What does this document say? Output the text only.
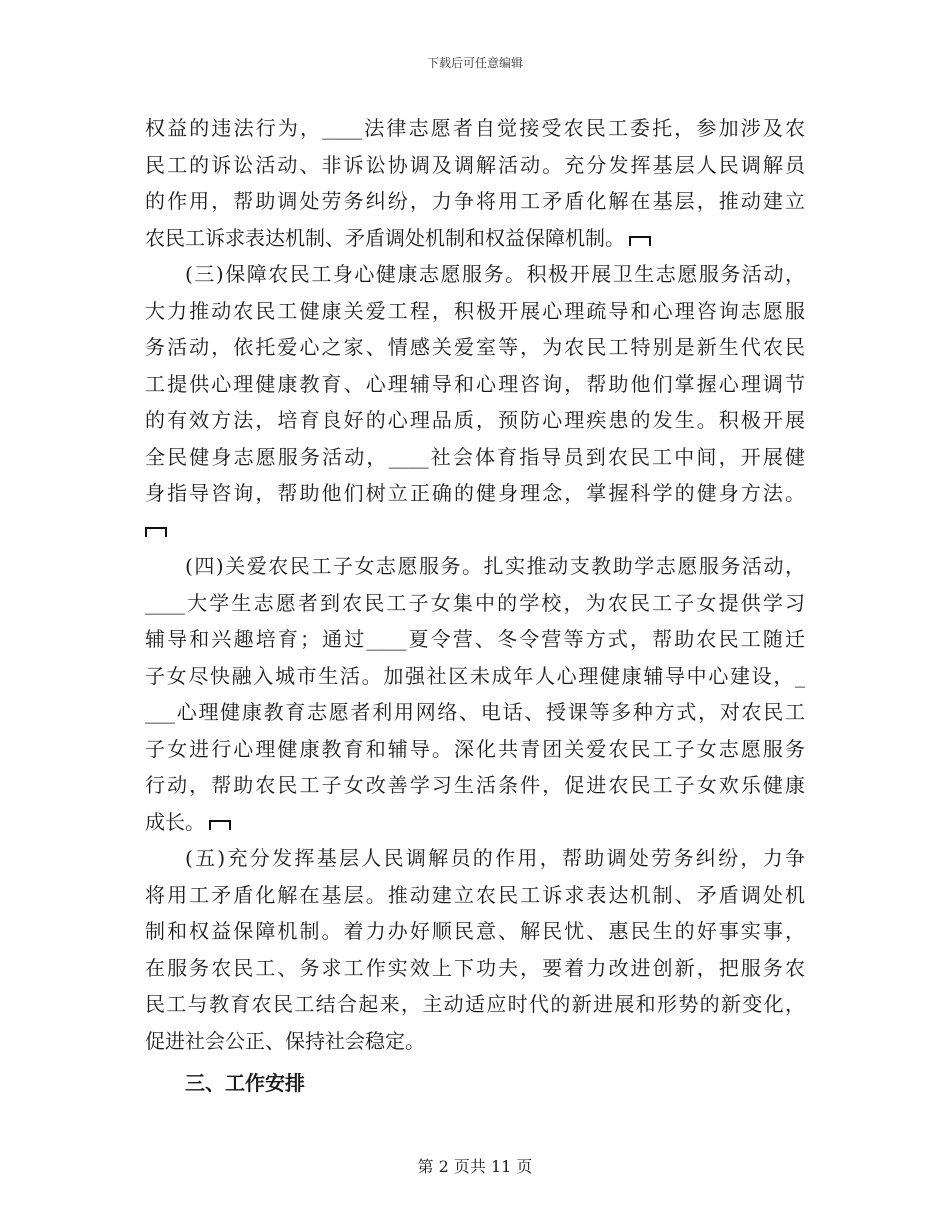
下载后可任意编辑
权益的违法行为，____法律志愿者自觉接受农民工委托，参加涉及农
民工的诉讼活动、非诉讼协调及调解活动。充分发挥基层人民调解员
的作用，帮助调处劳务纠纷，力争将用工矛盾化解在基层，推动建立
农民工诉求表达机制、矛盾调处机制和权益保障机制。
(三)保障农民工身心健康志愿服务。积极开展卫生志愿服务活动，
大力推动农民工健康关爱工程，积极开展心理疏导和心理咨询志愿服
务活动，依托爱心之家、情感关爱室等，为农民工特别是新生代农民
工提供心理健康教育、心理辅导和心理咨询，帮助他们掌握心理调节
的有效方法，培育良好的心理品质，预防心理疾患的发生。积极开展
全民健身志愿服务活动，____社会体育指导员到农民工中间，开展健
身指导咨询，帮助他们树立正确的健身理念，掌握科学的健身方法。
(四)关爱农民工子女志愿服务。扎实推动支教助学志愿服务活动，
____大学生志愿者到农民工子女集中的学校，为农民工子女提供学习
辅导和兴趣培育；通过____夏令营、冬令营等方式，帮助农民工随迁
子女尽快融入城市生活。加强社区未成年人心理健康辅导中心建设，_
___心理健康教育志愿者利用网络、电话、授课等多种方式，对农民工
子女进行心理健康教育和辅导。深化共青团关爱农民工子女志愿服务
行动，帮助农民工子女改善学习生活条件，促进农民工子女欢乐健康
成长。
(五)充分发挥基层人民调解员的作用，帮助调处劳务纠纷，力争
将用工矛盾化解在基层。推动建立农民工诉求表达机制、矛盾调处机
制和权益保障机制。着力办好顺民意、解民忧、惠民生的好事实事，
在服务农民工、务求工作实效上下功夫，要着力改进创新，把服务农
民工与教育农民工结合起来，主动适应时代的新进展和形势的新变化，
促进社会公正、保持社会稳定。
三、工作安排
第 2 页共 11 页
